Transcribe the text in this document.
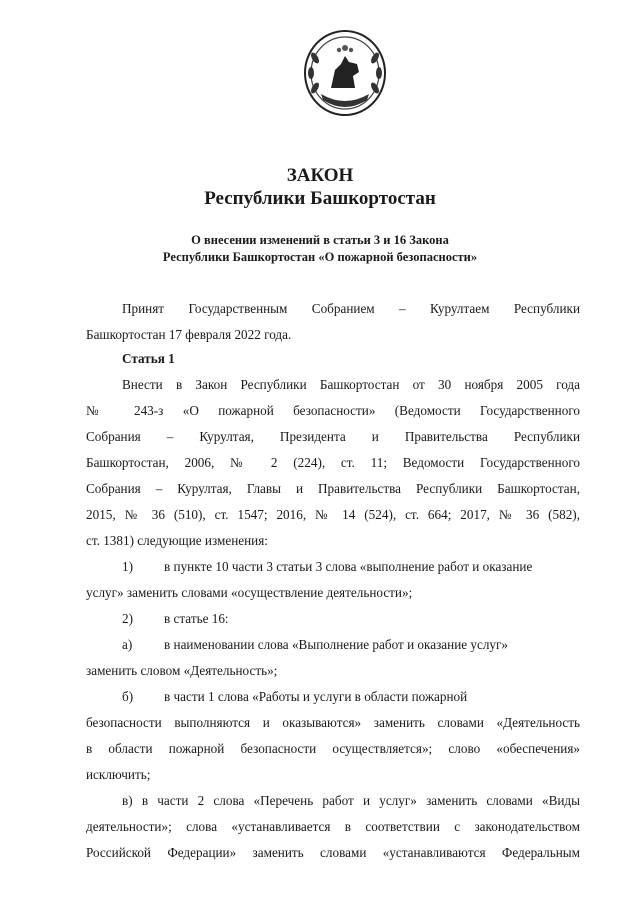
ЗАКОН
Республики Башкортостан
О внесении изменений в статьи 3 и 16 Закона
Республики Башкортостан «О пожарной безопасности»
Принят Государственным Собранием – Курултаем Республики
Башкортостан 17 февраля 2022 года.
Статья 1
Внести в Закон Республики Башкортостан от 30 ноября 2005 года
№ 243-з «О пожарной безопасности» (Ведомости Государственного
Собрания – Курултая, Президента и Правительства Республики
Башкортостан, 2006, № 2 (224), ст. 11; Ведомости Государственного
Собрания – Курултая, Главы и Правительства Республики Башкортостан,
2015, № 36 (510), ст. 1547; 2016, № 14 (524), ст. 664; 2017, № 36 (582),
ст. 1381) следующие изменения:
1) в пункте 10 части 3 статьи 3 слова «выполнение работ и оказание
услуг» заменить словами «осуществление деятельности»;
2) в статье 16:
а) в наименовании слова «Выполнение работ и оказание услуг»
заменить словом «Деятельность»;
б) в части 1 слова «Работы и услуги в области пожарной
безопасности выполняются и оказываются» заменить словами «Деятельность
в области пожарной безопасности осуществляется»; слово «обеспечения»
исключить;
в) в части 2 слова «Перечень работ и услуг» заменить словами «Виды
деятельности»; слова «устанавливается в соответствии с законодательством
Российской Федерации» заменить словами «устанавливаются Федеральным
